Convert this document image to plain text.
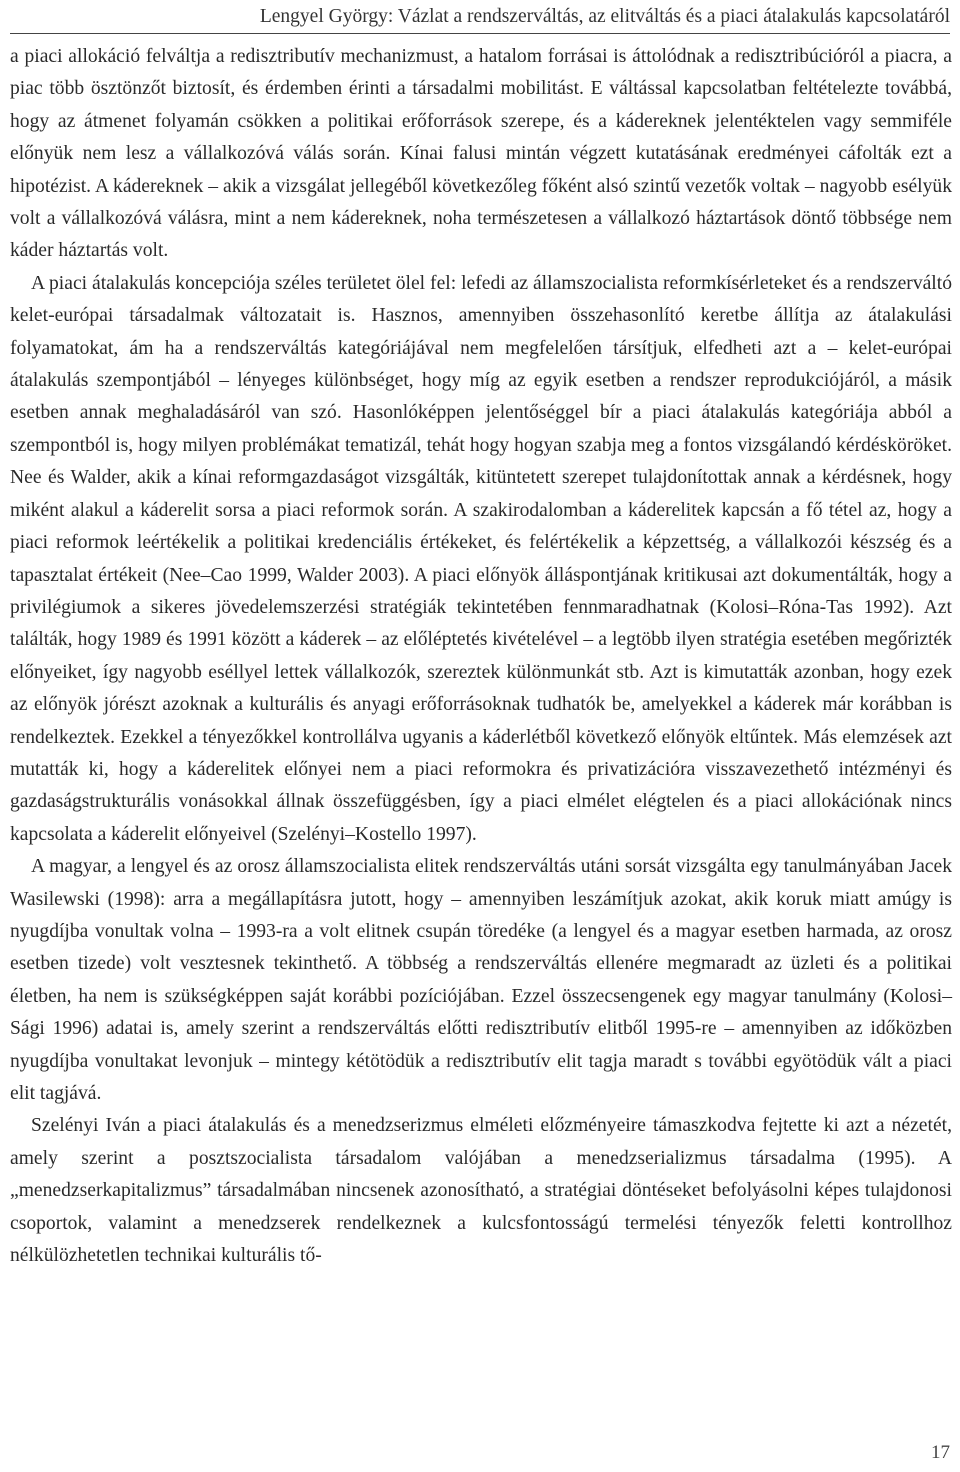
Lengyel György: Vázlat a rendszerváltás, az elitváltás és a piaci átalakulás kapcsolatáról

a piaci allokáció felváltja a redisztributív mechanizmust, a hatalom forrásai is áttolódnak a redisztribúcióról a piacra, a piac több ösztönzőt biztosít, és érdemben érinti a társadalmi mobilitást. E váltással kapcsolatban feltételezte továbbá, hogy az átmenet folyamán csökken a politikai erőforrások szerepe, és a kádereknek jelentéktelen vagy semmiféle előnyük nem lesz a vállalkozóvá válás során. Kínai falusi mintán végzett kutatásának eredményei cáfolták ezt a hipotézist. A kádereknek – akik a vizsgálat jellegéből következőleg főként alsó szintű vezetők voltak – nagyobb esélyük volt a vállalkozóvá válásra, mint a nem kádereknek, noha természetesen a vállalkozó háztartások döntő többsége nem káder háztartás volt.

A piaci átalakulás koncepciója széles területet ölel fel: lefedi az államszocialista reformkísérleteket és a rendszerváltó kelet-európai társadalmak változatait is. Hasznos, amennyiben összehasonlító keretbe állítja az átalakulási folyamatokat, ám ha a rendszerváltás kategóriájával nem megfelelően társítjuk, elfedheti azt a – kelet-európai átalakulás szempontjából – lényeges különbséget, hogy míg az egyik esetben a rendszer reprodukciójáról, a másik esetben annak meghaladásáról van szó. Hasonlóképpen jelentőséggel bír a piaci átalakulás kategóriája abból a szempontból is, hogy milyen problémákat tematizál, tehát hogy hogyan szabja meg a fontos vizsgálandó kérdésköröket. Nee és Walder, akik a kínai reformgazdaságot vizsgálták, kitüntetett szerepet tulajdonítottak annak a kérdésnek, hogy miként alakul a káderelit sorsa a piaci reformok során. A szakirodalomban a káderelitek kapcsán a fő tétel az, hogy a piaci reformok leértékelik a politikai kredenciális értékeket, és felértékelik a képzettség, a vállalkozói készség és a tapasztalat értékeit (Nee–Cao 1999, Walder 2003). A piaci előnyök álláspontjának kritikusai azt dokumentálták, hogy a privilégiumok a sikeres jövedelemszerzési stratégiák tekintetében fennmaradhatnak (Kolosi–Róna-Tas 1992). Azt találták, hogy 1989 és 1991 között a káderek – az előléptetés kivételével – a legtöbb ilyen stratégia esetében megőrizték előnyeiket, így nagyobb eséllyel lettek vállalkozók, szereztek különmunkát stb. Azt is kimutatták azonban, hogy ezek az előnyök jórészt azoknak a kulturális és anyagi erőforrásoknak tudhatók be, amelyekkel a káderek már korábban is rendelkeztek. Ezekkel a tényezőkkel kontrollálva ugyanis a káderlétből következő előnyök eltűntek. Más elemzések azt mutatták ki, hogy a káderelitek előnyei nem a piaci reformokra és privatizációra visszavezethető intézményi és gazdaságstrukturális vonásokkal állnak összefüggésben, így a piaci elmélet elégtelen és a piaci allokációnak nincs kapcsolata a káderelit előnyeivel (Szelényi–Kostello 1997).

A magyar, a lengyel és az orosz államszocialista elitek rendszerváltás utáni sorsát vizsgálta egy tanulmányában Jacek Wasilewski (1998): arra a megállapításra jutott, hogy – amennyiben leszámítjuk azokat, akik koruk miatt amúgy is nyugdíjba vonultak volna – 1993-ra a volt elitnek csupán töredéke (a lengyel és a magyar esetben harmada, az orosz esetben tizede) volt vesztesnek tekinthető. A többség a rendszerváltás ellenére megmaradt az üzleti és a politikai életben, ha nem is szükségképpen saját korábbi pozíciójában. Ezzel összecsengenek egy magyar tanulmány (Kolosi–Sági 1996) adatai is, amely szerint a rendszerváltás előtti redisztributív elitből 1995-re – amennyiben az időközben nyugdíjba vonultakat levonjuk – mintegy kétötödük a redisztributív elit tagja maradt s további egyötödük vált a piaci elit tagjává.

Szelényi Iván a piaci átalakulás és a menedzserizmus elméleti előzményeire támaszkodva fejtette ki azt a nézetét, amely szerint a posztszocialista társadalom valójában a menedzserializmus társadalma (1995). A „menedzserkapitalizmus” társadalmában nincsenek azonosítható, a stratégiai döntéseket befolyásolni képes tulajdonosi csoportok, valamint a menedzserek rendelkeznek a kulcsfontosságú termelési tényezők feletti kontrollhoz nélkülözhetetlen technikai kulturális tő-

17
